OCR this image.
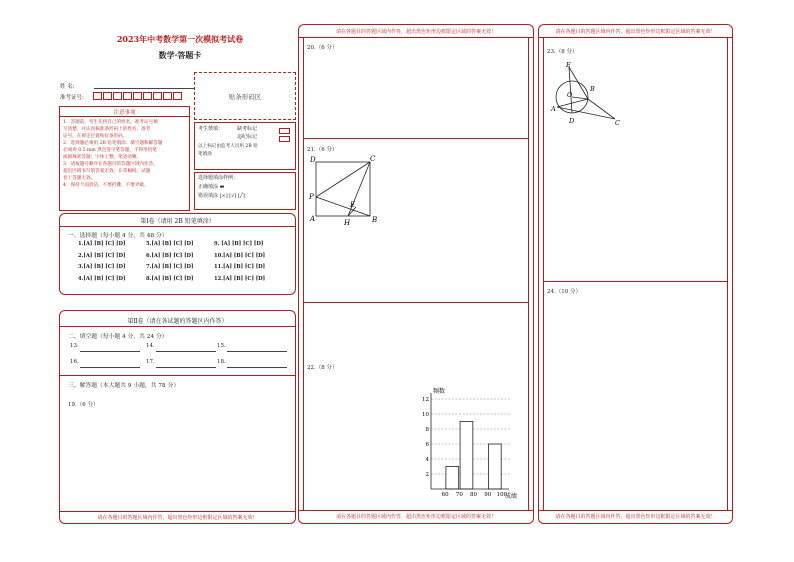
2023年中考数学第一次模拟考试卷
数学·答题卡
姓 名:
准考证号:	贴条形码区
注意事项
1．答题前，考生先将自己的姓名，准考证号填
写清楚，并认真核准条形码上的姓名、准考
证号，在规定位置贴好条形码。
2．选择题必须用 2B 铅笔填涂；填空题和解答题
必须用 0.5 mm 黑色签字笔答题，不得用铅笔
或圆珠笔答题；字体工整、笔迹清晰。
3．请按题号顺序在各题目的答题区域内作答，
超出区域书写的答案无效；在草稿纸、试题
卷上答题无效。
4．保持卡面清洁，不要折叠、不要弄破。
考生禁填：	缺考标记
违纪标记
以上标记由监考人员用 2B 铅
笔填涂
选择题填涂样例：
正确填涂 ▬
错误填涂 [×] [√] [╱]
第Ⅰ卷（请用 2B 铅笔填涂）
一、选择题（每小题 4 分，共 48 分）
1.[A] [B] [C] [D]	5.[A] [B] [C] [D]	9. [A] [B] [C] [D]
2.[A] [B] [C] [D]	6.[A] [B] [C] [D]	10.[A] [B] [C] [D]
3.[A] [B] [C] [D]	7.[A] [B] [C] [D]	11.[A] [B] [C] [D]
4.[A] [B] [C] [D]	8.[A] [B] [C] [D]	12.[A] [B] [C] [D]
第Ⅱ卷（请在各试题的答题区内作答）
二、填空题（每小题 4 分，共 24 分）
13.	14.	15.
16.	17.	18.
三、解答题（本大题共 9 小题，共 78 分）
19.（6 分）
请在各题目的答题区域内作答，超出黑色矩形边框限定区域的答案无效！
请在各题目的答题区域内作答，超出黑色矩形边框限定区域的答案无效！
20.（6 分）
21.（6 分）
D	C
P
E
A	H	B
22.（8 分）
2
4
6
8
10
12
60 70 80 90 100
频数
成绩
请在各题目的答题区域内作答，超出黑色矩形边框限定区域的答案无效！
请在各题目的答题区域内作答，超出黑色矩形边框限定区域的答案无效！
23.（8 分）
E
B
O
A
D	C
24.（10 分）
请在各题目的答题区域内作答，超出黑色矩形边框限定区域的答案无效！
